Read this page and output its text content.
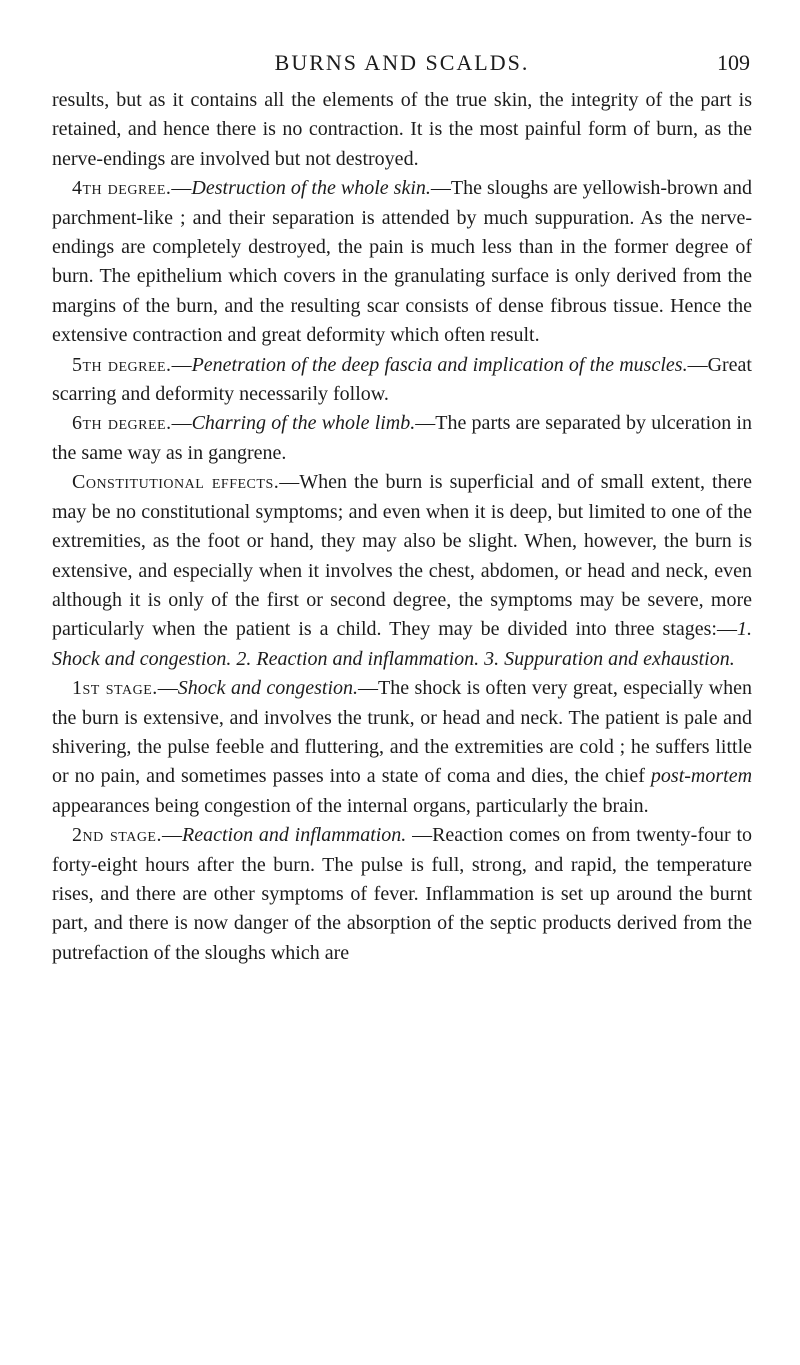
BURNS AND SCALDS.	109

results, but as it contains all the elements of the true skin, the integrity of the part is retained, and hence there is no contraction. It is the most painful form of burn, as the nerve-endings are involved but not destroyed.

4th degree.—Destruction of the whole skin.—The sloughs are yellowish-brown and parchment-like ; and their separation is attended by much suppuration. As the nerve-endings are completely destroyed, the pain is much less than in the former degree of burn. The epithelium which covers in the granulating surface is only derived from the margins of the burn, and the resulting scar consists of dense fibrous tissue. Hence the extensive contraction and great deformity which often result.

5th degree.—Penetration of the deep fascia and implication of the muscles.—Great scarring and deformity necessarily follow.

6th degree.—Charring of the whole limb.—The parts are separated by ulceration in the same way as in gangrene.

Constitutional effects.—When the burn is superficial and of small extent, there may be no constitutional symptoms; and even when it is deep, but limited to one of the extremities, as the foot or hand, they may also be slight. When, however, the burn is extensive, and especially when it involves the chest, abdomen, or head and neck, even although it is only of the first or second degree, the symptoms may be severe, more particularly when the patient is a child. They may be divided into three stages:—1. Shock and congestion. 2. Reaction and inflammation. 3. Suppuration and exhaustion.

1st stage.—Shock and congestion.—The shock is often very great, especially when the burn is extensive, and involves the trunk, or head and neck. The patient is pale and shivering, the pulse feeble and fluttering, and the extremities are cold ; he suffers little or no pain, and sometimes passes into a state of coma and dies, the chief post-mortem appearances being congestion of the internal organs, particularly the brain.

2nd stage.—Reaction and inflammation. —Reaction comes on from twenty-four to forty-eight hours after the burn. The pulse is full, strong, and rapid, the temperature rises, and there are other symptoms of fever. Inflammation is set up around the burnt part, and there is now danger of the absorption of the septic products derived from the putrefaction of the sloughs which are
